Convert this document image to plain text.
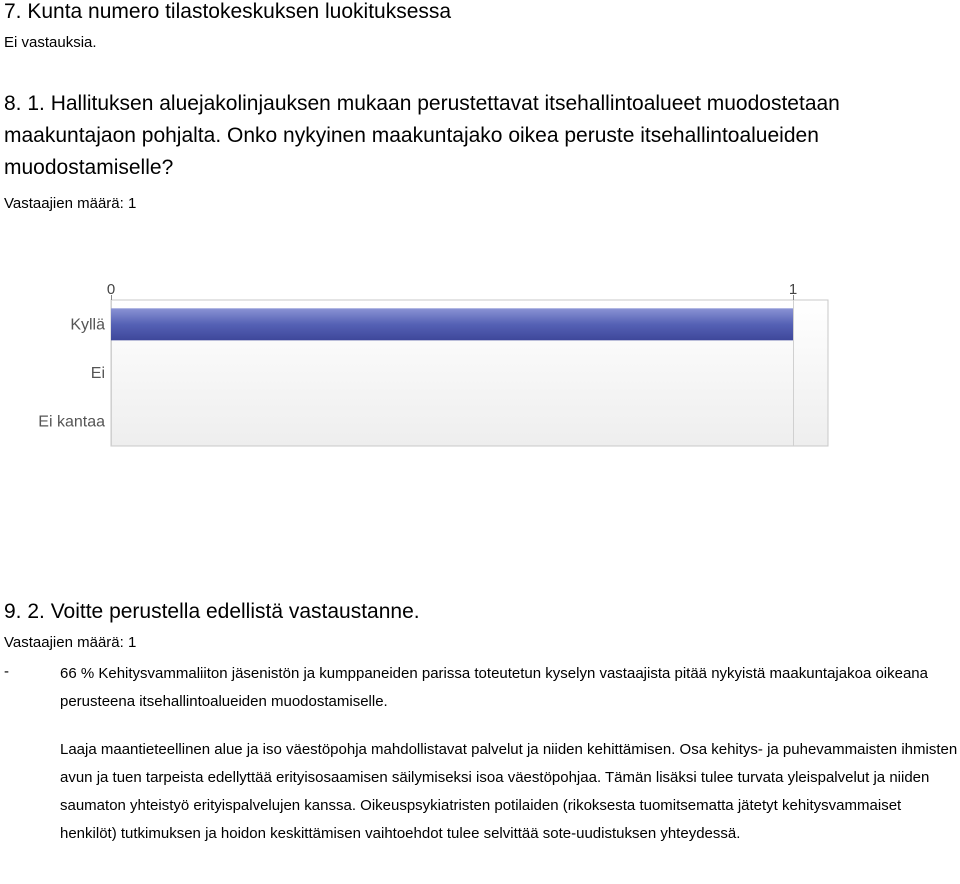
7. Kunta numero tilastokeskuksen luokituksessa
Ei vastauksia.
8. 1. Hallituksen aluejakolinjauksen mukaan perustettavat itsehallintoalueet muodostetaan maakuntajaon pohjalta. Onko nykyinen maakuntajako oikea peruste itsehallintoalueiden muodostamiselle?
Vastaajien määrä: 1
0	1
Kyllä
Ei
Ei kantaa
9. 2. Voitte perustella edellistä vastaustanne.
Vastaajien määrä: 1
-	66 % Kehitysvammaliiton jäsenistön ja kumppaneiden parissa toteutetun kyselyn vastaajista pitää nykyistä maakuntajakoa oikeana perusteena itsehallintoalueiden muodostamiselle.
Laaja maantieteellinen alue ja iso väestöpohja mahdollistavat palvelut ja niiden kehittämisen. Osa kehitys- ja puhevammaisten ihmisten avun ja tuen tarpeista edellyttää erityisosaamisen säilymiseksi isoa väestöpohjaa. Tämän lisäksi tulee turvata yleispalvelut ja niiden saumaton yhteistyö erityispalvelujen kanssa. Oikeuspsykiatristen potilaiden (rikoksesta tuomitsematta jätetyt kehitysvammaiset henkilöt) tutkimuksen ja hoidon keskittämisen vaihtoehdot tulee selvittää sote-uudistuksen yhteydessä.
